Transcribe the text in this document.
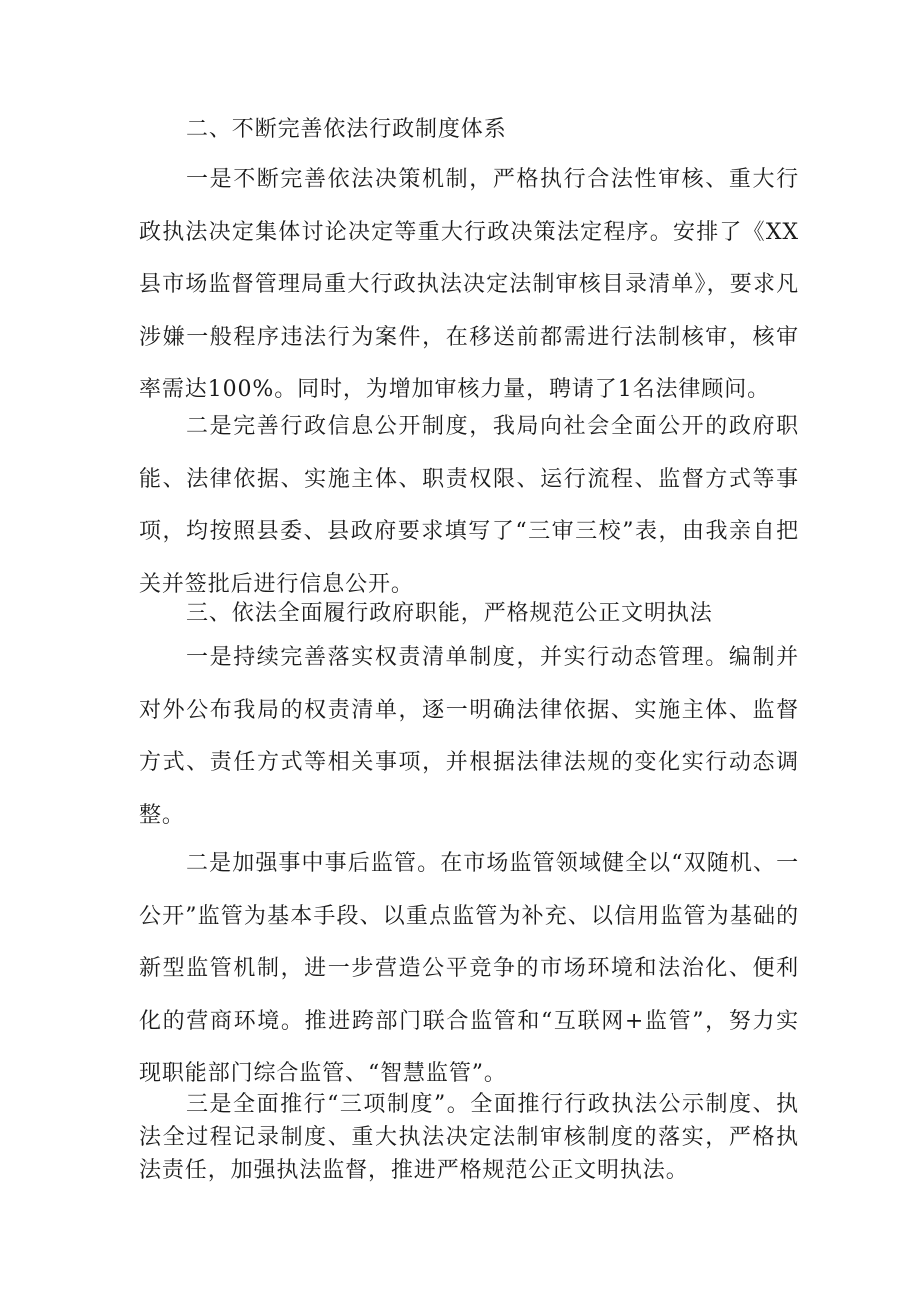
二、不断完善依法行政制度体系

一是不断完善依法决策机制，严格执行合法性审核、重大行政执法决定集体讨论决定等重大行政决策法定程序。安排了《XX县市场监督管理局重大行政执法决定法制审核目录清单》，要求凡涉嫌一般程序违法行为案件，在移送前都需进行法制核审，核审率需达100%。同时，为增加审核力量，聘请了1名法律顾问。

二是完善行政信息公开制度，我局向社会全面公开的政府职能、法律依据、实施主体、职责权限、运行流程、监督方式等事项，均按照县委、县政府要求填写了“三审三校”表，由我亲自把关并签批后进行信息公开。

三、依法全面履行政府职能，严格规范公正文明执法

一是持续完善落实权责清单制度，并实行动态管理。编制并对外公布我局的权责清单，逐一明确法律依据、实施主体、监督方式、责任方式等相关事项，并根据法律法规的变化实行动态调整。

二是加强事中事后监管。在市场监管领域健全以“双随机、一公开”监管为基本手段、以重点监管为补充、以信用监管为基础的新型监管机制，进一步营造公平竞争的市场环境和法治化、便利化的营商环境。推进跨部门联合监管和“互联网+监管”，努力实现职能部门综合监管、“智慧监管”。

三是全面推行“三项制度”。全面推行行政执法公示制度、执法全过程记录制度、重大执法决定法制审核制度的落实，严格执法责任，加强执法监督，推进严格规范公正文明执法。
